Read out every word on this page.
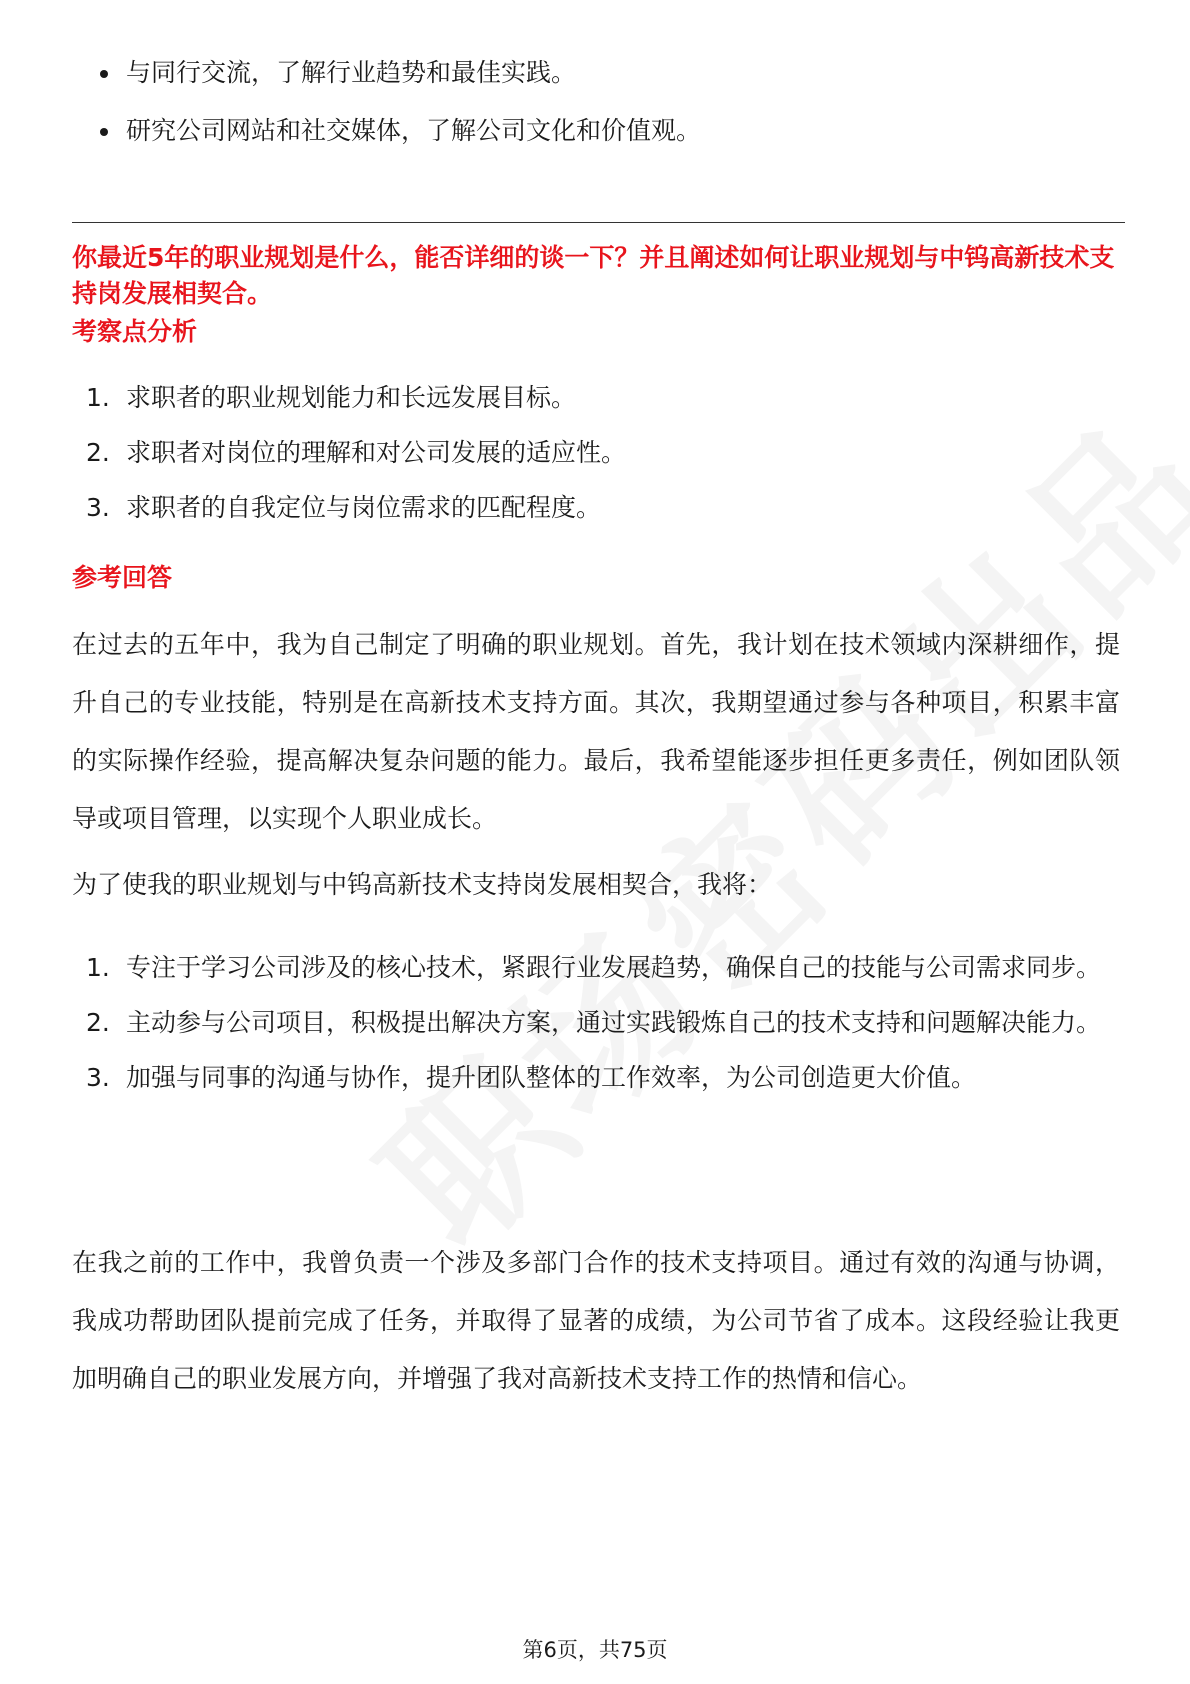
与同行交流，了解行业趋势和最佳实践。
研究公司网站和社交媒体，了解公司文化和价值观。

你最近5年的职业规划是什么，能否详细的谈一下？并且阐述如何让职业规划与中钨高新技术支持岗发展相契合。

考察点分析

1. 求职者的职业规划能力和长远发展目标。
2. 求职者对岗位的理解和对公司发展的适应性。
3. 求职者的自我定位与岗位需求的匹配程度。

参考回答

在过去的五年中，我为自己制定了明确的职业规划。首先，我计划在技术领域内深耕细作，提升自己的专业技能，特别是在高新技术支持方面。其次，我期望通过参与各种项目，积累丰富的实际操作经验，提高解决复杂问题的能力。最后，我希望能逐步担任更多责任，例如团队领导或项目管理，以实现个人职业成长。

为了使我的职业规划与中钨高新技术支持岗发展相契合，我将：

1. 专注于学习公司涉及的核心技术，紧跟行业发展趋势，确保自己的技能与公司需求同步。
2. 主动参与公司项目，积极提出解决方案，通过实践锻炼自己的技术支持和问题解决能力。
3. 加强与同事的沟通与协作，提升团队整体的工作效率，为公司创造更大价值。

在我之前的工作中，我曾负责一个涉及多部门合作的技术支持项目。通过有效的沟通与协调，我成功帮助团队提前完成了任务，并取得了显著的成绩，为公司节省了成本。这段经验让我更加明确自己的职业发展方向，并增强了我对高新技术支持工作的热情和信心。

第6页，共75页
